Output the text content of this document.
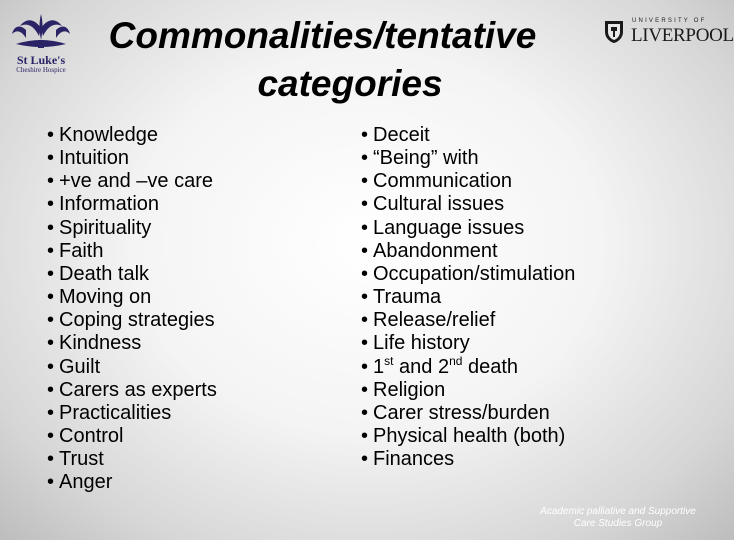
St Luke's
Cheshire Hospice
UNIVERSITY OF
LIVERPOOL
Commonalities/tentative
categories
• Knowledge
• Intuition
• +ve and –ve care
• Information
• Spirituality
• Faith
• Death talk
• Moving on
• Coping strategies
• Kindness
• Guilt
• Carers as experts
• Practicalities
• Control
• Trust
• Anger
• Deceit
• “Being” with
• Communication
• Cultural issues
• Language issues
• Abandonment
• Occupation/stimulation
• Trauma
• Release/relief
• Life history
• 1st and 2nd death
• Religion
• Carer stress/burden
• Physical health (both)
• Finances
Academic palliative and Supportive
Care Studies Group
